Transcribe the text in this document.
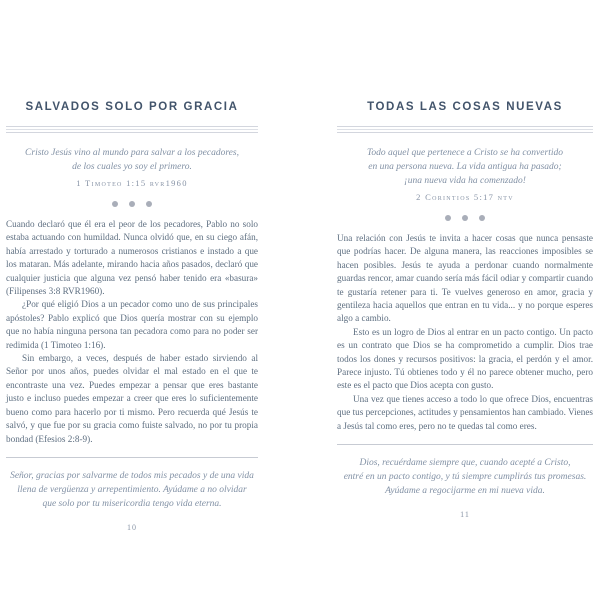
SALVADOS SOLO POR GRACIA
Cristo Jesús vino al mundo para salvar a los pecadores,
de los cuales yo soy el primero.
1 Timoteo 1:15 rvr1960

Cuando declaró que él era el peor de los pecadores, Pablo no solo estaba actuando con humildad. Nunca olvidó que, en su ciego afán, había arrestado y torturado a numerosos cristianos e instado a que los mataran. Más adelante, mirando hacia años pasados, declaró que cualquier justicia que alguna vez pensó haber tenido era «basura» (Filipenses 3:8 RVR1960).

¿Por qué eligió Dios a un pecador como uno de sus principales apóstoles? Pablo explicó que Dios quería mostrar con su ejemplo que no había ninguna persona tan pecadora como para no poder ser redimida (1 Timoteo 1:16).

Sin embargo, a veces, después de haber estado sirviendo al Señor por unos años, puedes olvidar el mal estado en el que te encontraste una vez. Puedes empezar a pensar que eres bastante justo e incluso puedes empezar a creer que eres lo suficientemente bueno como para hacerlo por ti mismo. Pero recuerda qué Jesús te salvó, y que fue por su gracia como fuiste salvado, no por tu propia bondad (Efesios 2:8-9).

Señor, gracias por salvarme de todos mis pecados y de una vida
llena de vergüenza y arrepentimiento. Ayúdame a no olvidar
que solo por tu misericordia tengo vida eterna.
10
TODAS LAS COSAS NUEVAS
Todo aquel que pertenece a Cristo se ha convertido
en una persona nueva. La vida antigua ha pasado;
¡una nueva vida ha comenzado!
2 Corintios 5:17 ntv

Una relación con Jesús te invita a hacer cosas que nunca pensaste que podrías hacer. De alguna manera, las reacciones imposibles se hacen posibles. Jesús te ayuda a perdonar cuando normalmente guardas rencor, amar cuando sería más fácil odiar y compartir cuando te gustaría retener para ti. Te vuelves generoso en amor, gracia y gentileza hacia aquellos que entran en tu vida... y no porque esperes algo a cambio.

Esto es un logro de Dios al entrar en un pacto contigo. Un pacto es un contrato que Dios se ha comprometido a cumplir. Dios trae todos los dones y recursos positivos: la gracia, el perdón y el amor. Parece injusto. Tú obtienes todo y él no parece obtener mucho, pero este es el pacto que Dios acepta con gusto.

Una vez que tienes acceso a todo lo que ofrece Dios, encuentras que tus percepciones, actitudes y pensamientos han cambiado. Vienes a Jesús tal como eres, pero no te quedas tal como eres.

Dios, recuérdame siempre que, cuando acepté a Cristo,
entré en un pacto contigo, y tú siempre cumplirás tus promesas.
Ayúdame a regocijarme en mi nueva vida.
11
